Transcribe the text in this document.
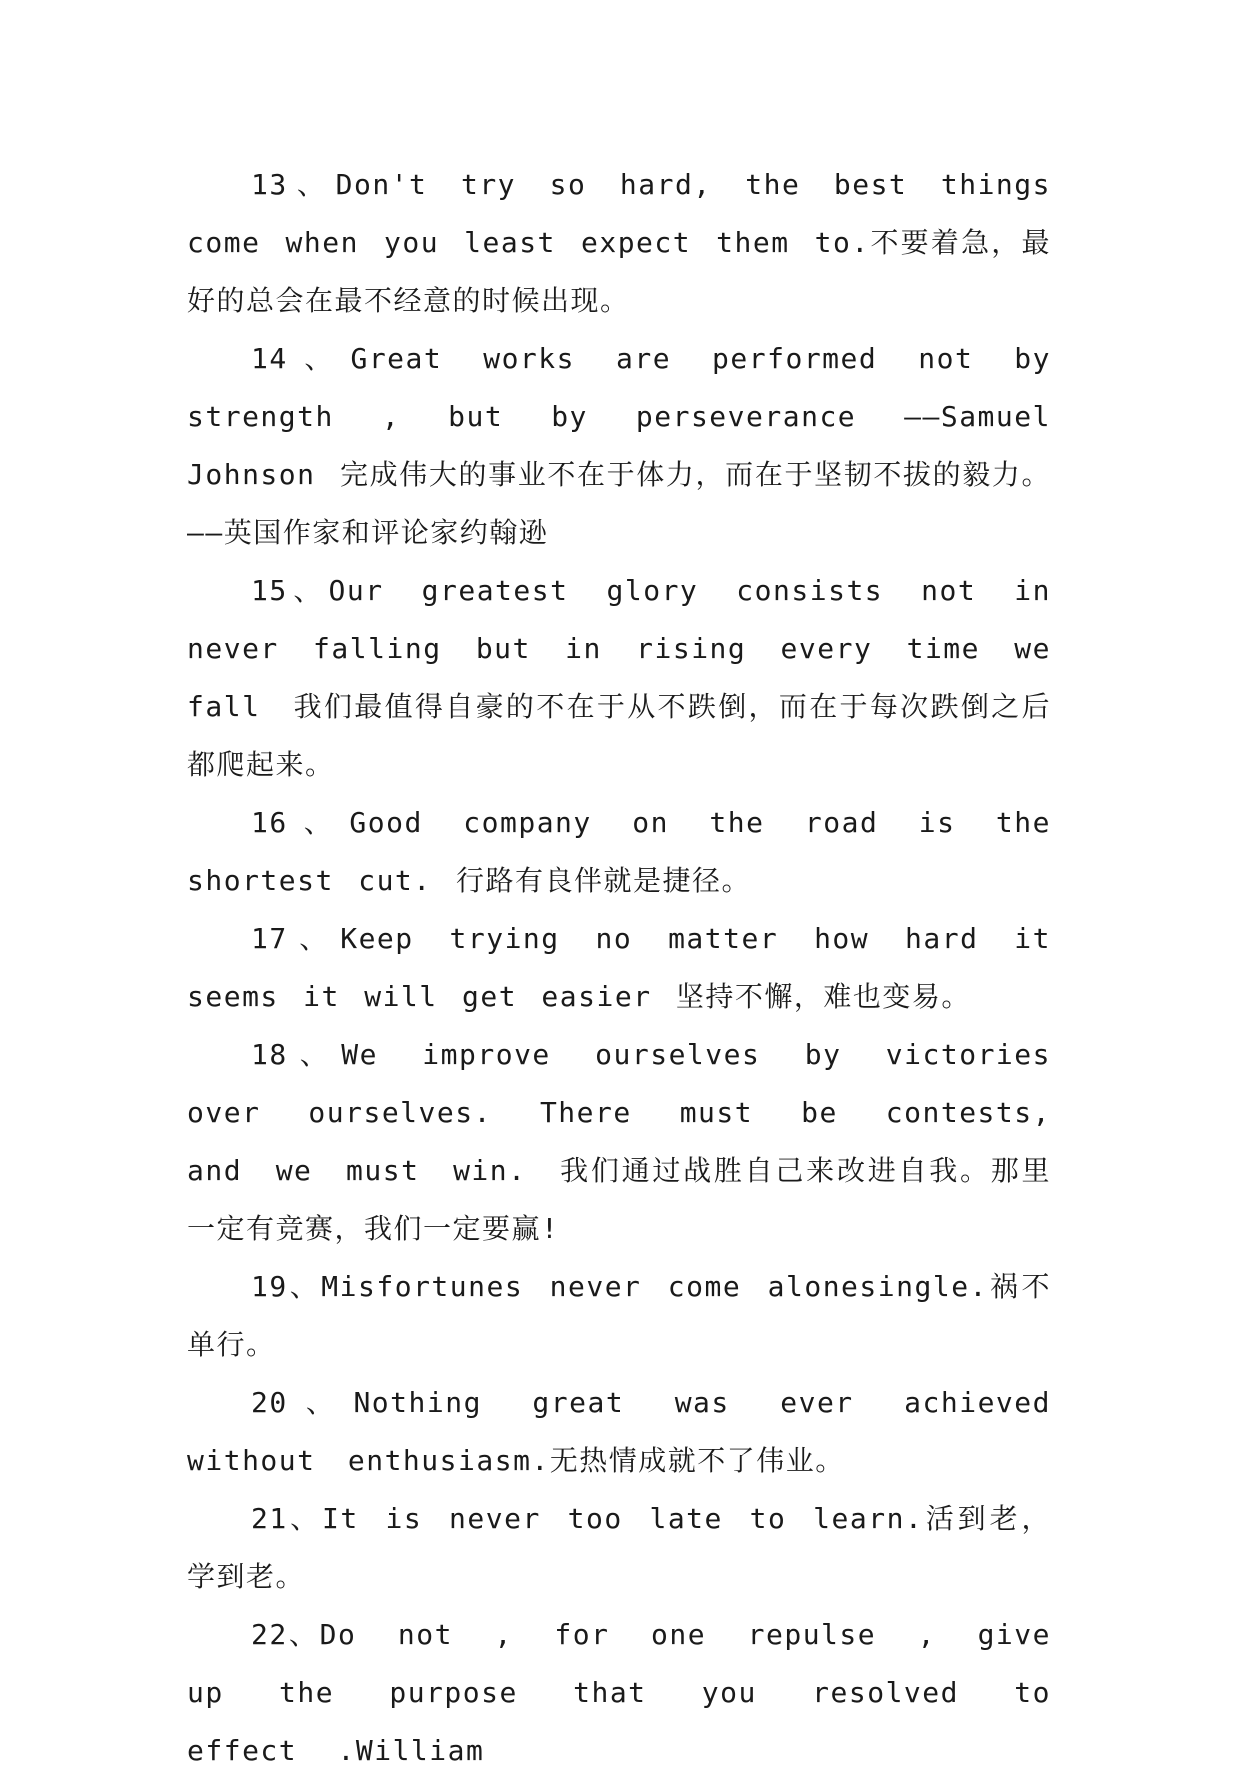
13、Don't try so hard, the best things come when you least expect them to.不要着急，最好的总会在最不经意的时候出现。

14、Great works are performed not by strength , but by perseverance ——Samuel Johnson 完成伟大的事业不在于体力，而在于坚韧不拔的毅力。——英国作家和评论家约翰逊

15、Our greatest glory consists not in never falling but in rising every time we fall 我们最值得自豪的不在于从不跌倒，而在于每次跌倒之后都爬起来。

16、Good company on the road is the shortest cut. 行路有良伴就是捷径。

17、Keep trying no matter how hard it seems it will get easier 坚持不懈，难也变易。

18、We improve ourselves by victories over ourselves. There must be contests, and we must win. 我们通过战胜自己来改进自我。那里一定有竞赛，我们一定要赢!

19、Misfortunes never come alonesingle.祸不单行。

20、Nothing great was ever achieved without enthusiasm.无热情成就不了伟业。

21、It is never too late to learn.活到老，学到老。

22、Do not , for one repulse , give up the purpose that you resolved to effect .William
